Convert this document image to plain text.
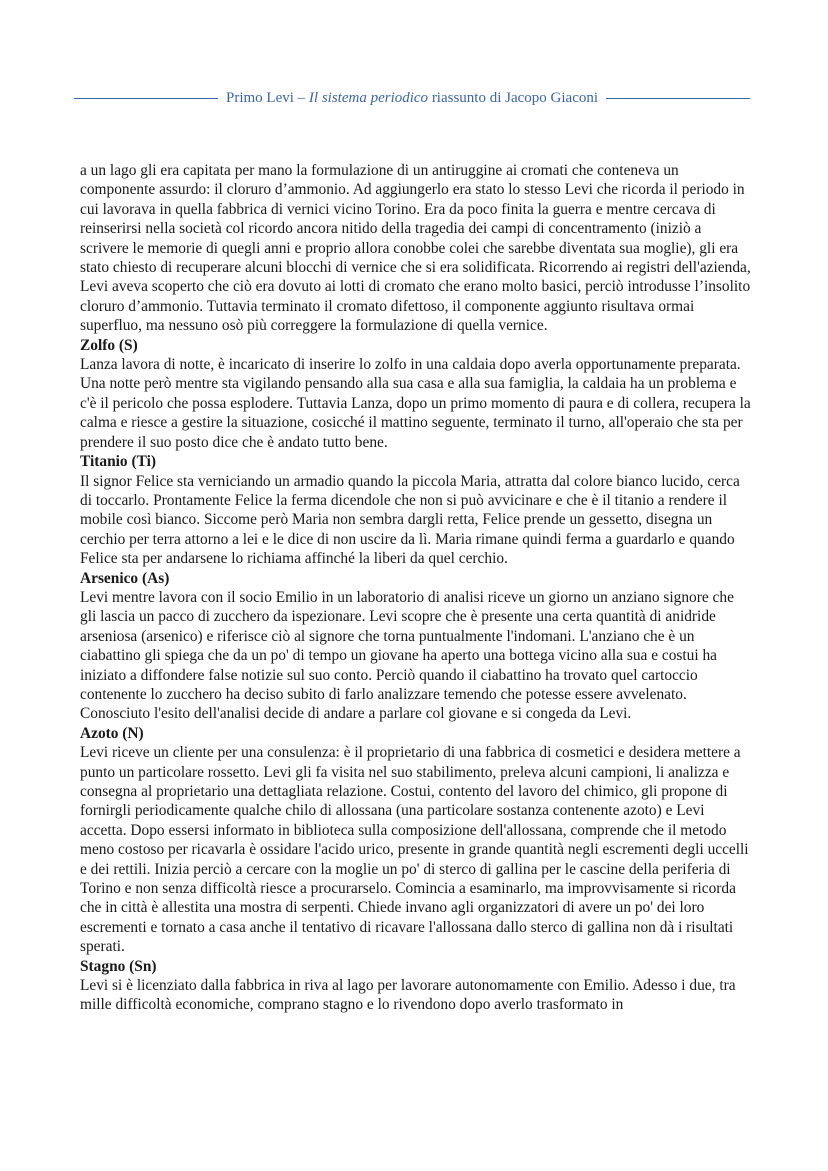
Primo Levi – Il sistema periodico riassunto di Jacopo Giaconi

a un lago gli era capitata per mano la formulazione di un antiruggine ai cromati che conteneva un componente assurdo: il cloruro d’ammonio. Ad aggiungerlo era stato lo stesso Levi che ricorda il periodo in cui lavorava in quella fabbrica di vernici vicino Torino. Era da poco finita la guerra e mentre cercava di reinserirsi nella società col ricordo ancora nitido della tragedia dei campi di concentramento (iniziò a scrivere le memorie di quegli anni e proprio allora conobbe colei che sarebbe diventata sua moglie), gli era stato chiesto di recuperare alcuni blocchi di vernice che si era solidificata. Ricorrendo ai registri dell'azienda, Levi aveva scoperto che ciò era dovuto ai lotti di cromato che erano molto basici, perciò introdusse l’insolito cloruro d’ammonio. Tuttavia terminato il cromato difettoso, il componente aggiunto risultava ormai superfluo, ma nessuno osò più correggere la formulazione di quella vernice.

Zolfo (S)

Lanza lavora di notte, è incaricato di inserire lo zolfo in una caldaia dopo averla opportunamente preparata. Una notte però mentre sta vigilando pensando alla sua casa e alla sua famiglia, la caldaia ha un problema e c'è il pericolo che possa esplodere. Tuttavia Lanza, dopo un primo momento di paura e di collera, recupera la calma e riesce a gestire la situazione, cosicché il mattino seguente, terminato il turno, all'operaio che sta per prendere il suo posto dice che è andato tutto bene.

Titanio (Ti)

Il signor Felice sta verniciando un armadio quando la piccola Maria, attratta dal colore bianco lucido, cerca di toccarlo. Prontamente Felice la ferma dicendole che non si può avvicinare e che è il titanio a rendere il mobile così bianco. Siccome però Maria non sembra dargli retta, Felice prende un gessetto, disegna un cerchio per terra attorno a lei e le dice di non uscire da lì. Maria rimane quindi ferma a guardarlo e quando Felice sta per andarsene lo richiama affinché la liberi da quel cerchio.

Arsenico (As)

Levi mentre lavora con il socio Emilio in un laboratorio di analisi riceve un giorno un anziano signore che gli lascia un pacco di zucchero da ispezionare. Levi scopre che è presente una certa quantità di anidride arseniosa (arsenico) e riferisce ciò al signore che torna puntualmente l'indomani. L'anziano che è un ciabattino gli spiega che da un po' di tempo un giovane ha aperto una bottega vicino alla sua e costui ha iniziato a diffondere false notizie sul suo conto. Perciò quando il ciabattino ha trovato quel cartoccio contenente lo zucchero ha deciso subito di farlo analizzare temendo che potesse essere avvelenato. Conosciuto l'esito dell'analisi decide di andare a parlare col giovane e si congeda da Levi.

Azoto (N)

Levi riceve un cliente per una consulenza: è il proprietario di una fabbrica di cosmetici e desidera mettere a punto un particolare rossetto. Levi gli fa visita nel suo stabilimento, preleva alcuni campioni, li analizza e consegna al proprietario una dettagliata relazione. Costui, contento del lavoro del chimico, gli propone di fornirgli periodicamente qualche chilo di allossana (una particolare sostanza contenente azoto) e Levi accetta. Dopo essersi informato in biblioteca sulla composizione dell'allossana, comprende che il metodo meno costoso per ricavarla è ossidare l'acido urico, presente in grande quantità negli escrementi degli uccelli e dei rettili. Inizia perciò a cercare con la moglie un po' di sterco di gallina per le cascine della periferia di Torino e non senza difficoltà riesce a procurarselo. Comincia a esaminarlo, ma improvvisamente si ricorda che in città è allestita una mostra di serpenti. Chiede invano agli organizzatori di avere un po' dei loro escrementi e tornato a casa anche il tentativo di ricavare l'allossana dallo sterco di gallina non dà i risultati sperati.

Stagno (Sn)

Levi si è licenziato dalla fabbrica in riva al lago per lavorare autonomamente con Emilio. Adesso i due, tra mille difficoltà economiche, comprano stagno e lo rivendono dopo averlo trasformato in
